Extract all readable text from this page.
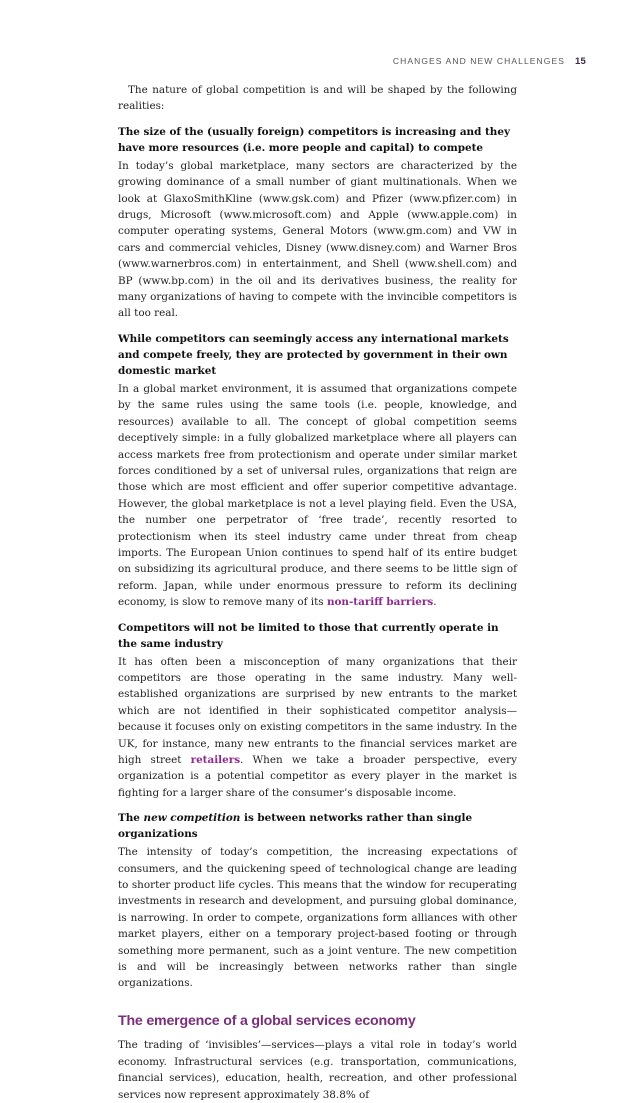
CHANGES AND NEW CHALLENGES 15

The nature of global competition is and will be shaped by the following realities:

The size of the (usually foreign) competitors is increasing and they have more resources (i.e. more people and capital) to compete

In today’s global marketplace, many sectors are characterized by the growing dominance of a small number of giant multinationals. When we look at GlaxoSmithKline (www.gsk.com) and Pfizer (www.pfizer.com) in drugs, Microsoft (www.microsoft.com) and Apple (www.apple.com) in computer operating systems, General Motors (www.gm.com) and VW in cars and commercial vehicles, Disney (www.disney.com) and Warner Bros (www.warnerbros.com) in entertainment, and Shell (www.shell.com) and BP (www.bp.com) in the oil and its derivatives business, the reality for many organizations of having to compete with the invincible competitors is all too real.

While competitors can seemingly access any international markets and compete freely, they are protected by government in their own domestic market

In a global market environment, it is assumed that organizations compete by the same rules using the same tools (i.e. people, knowledge, and resources) available to all. The concept of global competition seems deceptively simple: in a fully globalized marketplace where all players can access markets free from protectionism and operate under similar market forces conditioned by a set of universal rules, organizations that reign are those which are most efficient and offer superior competitive advantage. However, the global marketplace is not a level playing field. Even the USA, the number one perpetrator of ‘free trade’, recently resorted to protectionism when its steel industry came under threat from cheap imports. The European Union continues to spend half of its entire budget on subsidizing its agricultural produce, and there seems to be little sign of reform. Japan, while under enormous pressure to reform its declining economy, is slow to remove many of its non-tariff barriers.

Competitors will not be limited to those that currently operate in the same industry

It has often been a misconception of many organizations that their competitors are those operating in the same industry. Many well-established organizations are surprised by new entrants to the market which are not identified in their sophisticated competitor analysis—because it focuses only on existing competitors in the same industry. In the UK, for instance, many new entrants to the financial services market are high street retailers. When we take a broader perspective, every organization is a potential competitor as every player in the market is fighting for a larger share of the consumer’s disposable income.

The new competition is between networks rather than single organizations

The intensity of today’s competition, the increasing expectations of consumers, and the quickening speed of technological change are leading to shorter product life cycles. This means that the window for recuperating investments in research and development, and pursuing global dominance, is narrowing. In order to compete, organizations form alliances with other market players, either on a temporary project-based footing or through something more permanent, such as a joint venture. The new competition is and will be increasingly between networks rather than single organizations.

The emergence of a global services economy

The trading of ‘invisibles’—services—plays a vital role in today’s world economy. Infrastructural services (e.g. transportation, communications, financial services), education, health, recreation, and other professional services now represent approximately 38.8% of
